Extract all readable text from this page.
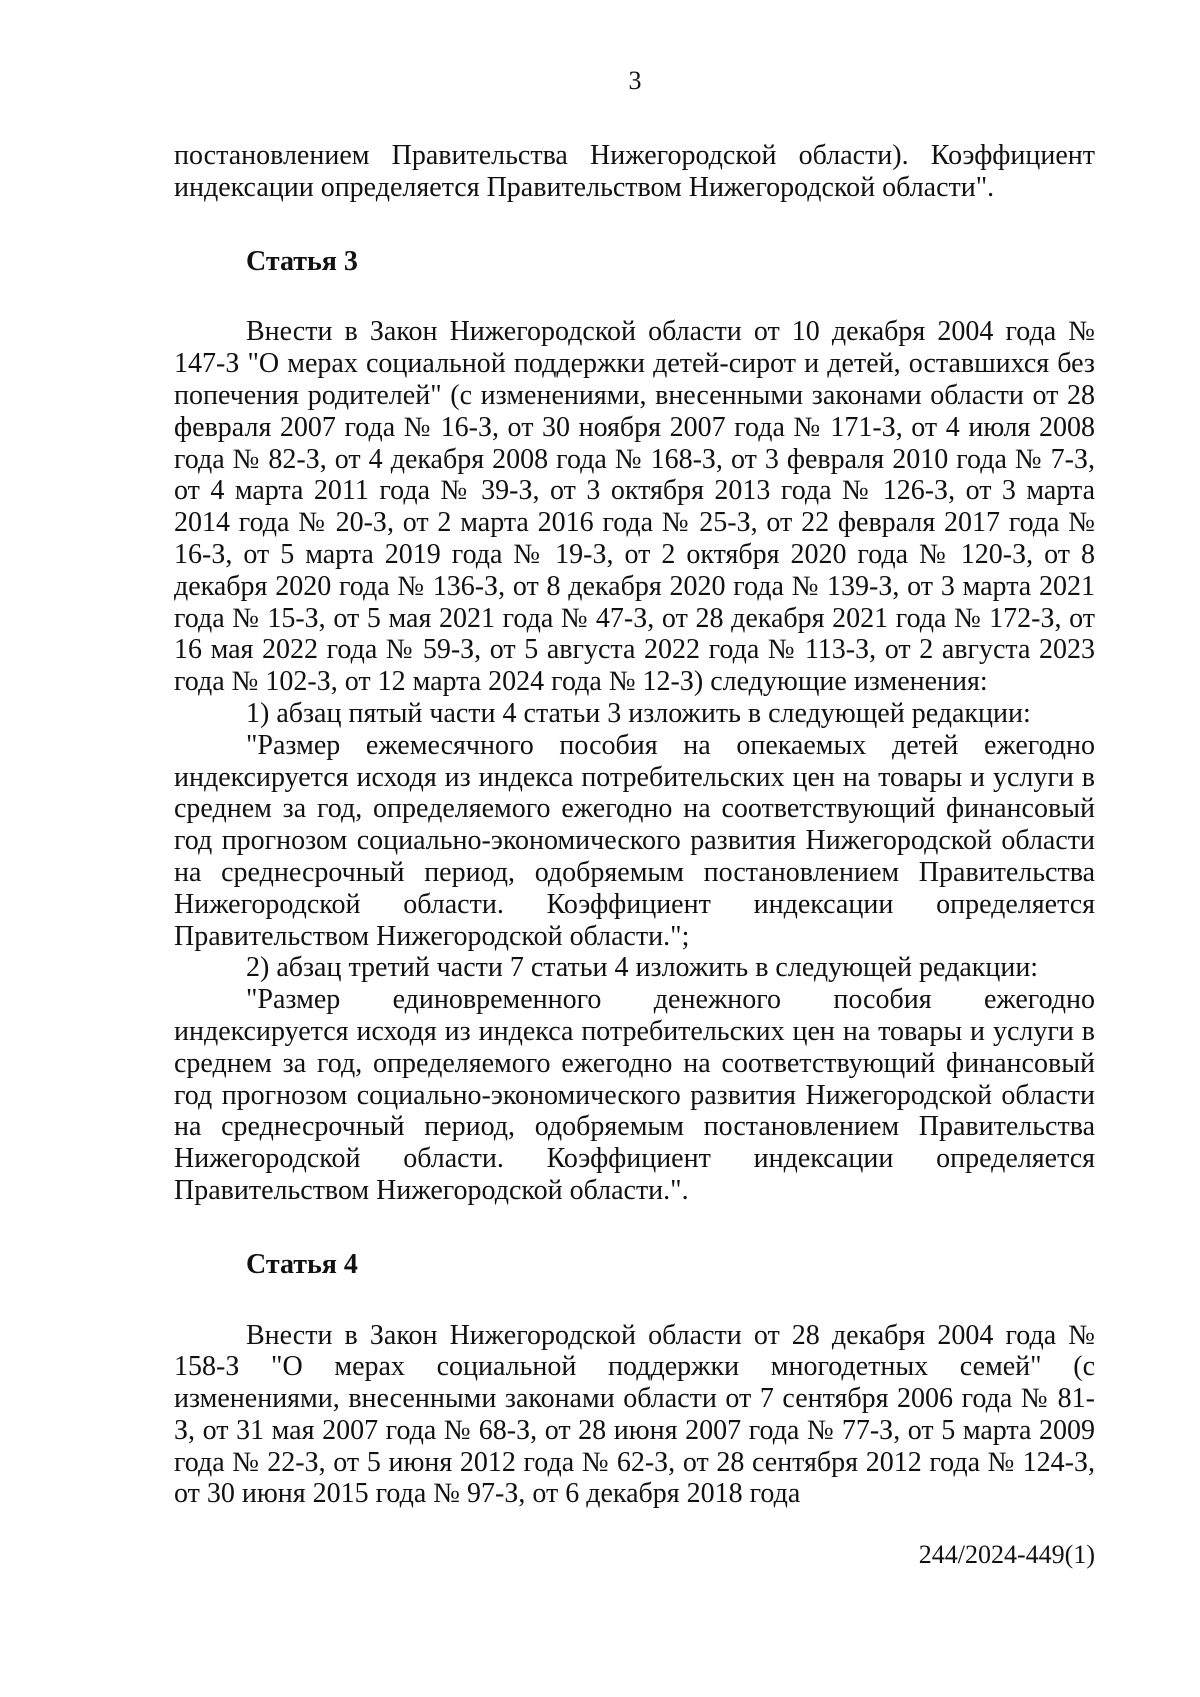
3

постановлением Правительства Нижегородской области). Коэффициент индексации определяется Правительством Нижегородской области".

Статья 3

Внести в Закон Нижегородской области от 10 декабря 2004 года № 147-З "О мерах социальной поддержки детей-сирот и детей, оставшихся без попечения родителей" (с изменениями, внесенными законами области от 28 февраля 2007 года № 16-З, от 30 ноября 2007 года № 171-З, от 4 июля 2008 года № 82-З, от 4 декабря 2008 года № 168-З, от 3 февраля 2010 года № 7-З, от 4 марта 2011 года № 39-З, от 3 октября 2013 года № 126-З, от 3 марта 2014 года № 20-З, от 2 марта 2016 года № 25-З, от 22 февраля 2017 года № 16-З, от 5 марта 2019 года № 19-З, от 2 октября 2020 года № 120-З, от 8 декабря 2020 года № 136-З, от 8 декабря 2020 года № 139-З, от 3 марта 2021 года № 15-З, от 5 мая 2021 года № 47-З, от 28 декабря 2021 года № 172-З, от 16 мая 2022 года № 59-З, от 5 августа 2022 года № 113-З, от 2 августа 2023 года № 102-З, от 12 марта 2024 года № 12-З) следующие изменения:

1) абзац пятый части 4 статьи 3 изложить в следующей редакции:

"Размер ежемесячного пособия на опекаемых детей ежегодно индексируется исходя из индекса потребительских цен на товары и услуги в среднем за год, определяемого ежегодно на соответствующий финансовый год прогнозом социально-экономического развития Нижегородской области на среднесрочный период, одобряемым постановлением Правительства Нижегородской области. Коэффициент индексации определяется Правительством Нижегородской области.";

2) абзац третий части 7 статьи 4 изложить в следующей редакции:

"Размер единовременного денежного пособия ежегодно индексируется исходя из индекса потребительских цен на товары и услуги в среднем за год, определяемого ежегодно на соответствующий финансовый год прогнозом социально-экономического развития Нижегородской области на среднесрочный период, одобряемым постановлением Правительства Нижегородской области. Коэффициент индексации определяется Правительством Нижегородской области.".

Статья 4

Внести в Закон Нижегородской области от 28 декабря 2004 года № 158-З "О мерах социальной поддержки многодетных семей" (с изменениями, внесенными законами области от 7 сентября 2006 года № 81-З, от 31 мая 2007 года № 68-З, от 28 июня 2007 года № 77-З, от 5 марта 2009 года № 22-З, от 5 июня 2012 года № 62-З, от 28 сентября 2012 года № 124-З, от 30 июня 2015 года № 97-З, от 6 декабря 2018 года

244/2024-449(1)
